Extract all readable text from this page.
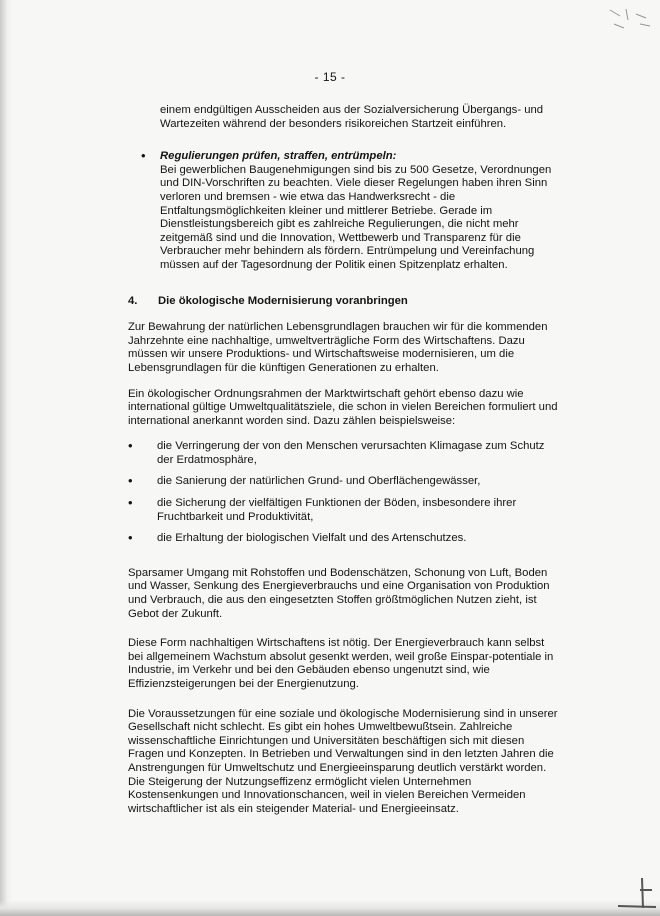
- 15 -

einem endgültigen Ausscheiden aus der Sozialversicherung Übergangs- und Wartezeiten während der besonders risikoreichen Startzeit einführen.

• Regulierungen prüfen, straffen, entrümpeln:
Bei gewerblichen Baugenehmigungen sind bis zu 500 Gesetze, Verordnungen und DIN-Vorschriften zu beachten. Viele dieser Regelungen haben ihren Sinn verloren und bremsen - wie etwa das Handwerksrecht - die Entfaltungsmöglichkeiten kleiner und mittlerer Betriebe. Gerade im Dienstleistungsbereich gibt es zahlreiche Regulierungen, die nicht mehr zeitgemäß sind und die Innovation, Wettbewerb und Transparenz für die Verbraucher mehr behindern als fördern. Entrümpelung und Vereinfachung müssen auf der Tagesordnung der Politik einen Spitzenplatz erhalten.
4.	Die ökologische Modernisierung voranbringen

Zur Bewahrung der natürlichen Lebensgrundlagen brauchen wir für die kommenden Jahrzehnte eine nachhaltige, umweltverträgliche Form des Wirtschaftens. Dazu müssen wir unsere Produktions- und Wirtschaftsweise modernisieren, um die Lebensgrundlagen für die künftigen Generationen zu erhalten.

Ein ökologischer Ordnungsrahmen der Marktwirtschaft gehört ebenso dazu wie international gültige Umweltqualitätsziele, die schon in vielen Bereichen formuliert und international anerkannt worden sind. Dazu zählen beispielsweise:

• die Verringerung der von den Menschen verursachten Klimagase zum Schutz der Erdatmosphäre,
• die Sanierung der natürlichen Grund- und Oberflächengewässer,
• die Sicherung der vielfältigen Funktionen der Böden, insbesondere ihrer Fruchtbarkeit und Produktivität,
• die Erhaltung der biologischen Vielfalt und des Artenschutzes.

Sparsamer Umgang mit Rohstoffen und Bodenschätzen, Schonung von Luft, Boden und Wasser, Senkung des Energieverbrauchs und eine Organisation von Produktion und Verbrauch, die aus den eingesetzten Stoffen größtmöglichen Nutzen zieht, ist Gebot der Zukunft.

Diese Form nachhaltigen Wirtschaftens ist nötig. Der Energieverbrauch kann selbst bei allgemeinem Wachstum absolut gesenkt werden, weil große Einspar-potentiale in Industrie, im Verkehr und bei den Gebäuden ebenso ungenutzt sind, wie Effizienzsteigerungen bei der Energienutzung.

Die Voraussetzungen für eine soziale und ökologische Modernisierung sind in unserer Gesellschaft nicht schlecht. Es gibt ein hohes Umweltbewußtsein. Zahlreiche wissenschaftliche Einrichtungen und Universitäten beschäftigen sich mit diesen Fragen und Konzepten. In Betrieben und Verwaltungen sind in den letzten Jahren die Anstrengungen für Umweltschutz und Energieeinsparung deutlich verstärkt worden. Die Steigerung der Nutzungseffizenz ermöglicht vielen Unternehmen Kostensenkungen und Innovationschancen, weil in vielen Bereichen Vermeiden wirtschaftlicher ist als ein steigender Material- und Energieeinsatz.
